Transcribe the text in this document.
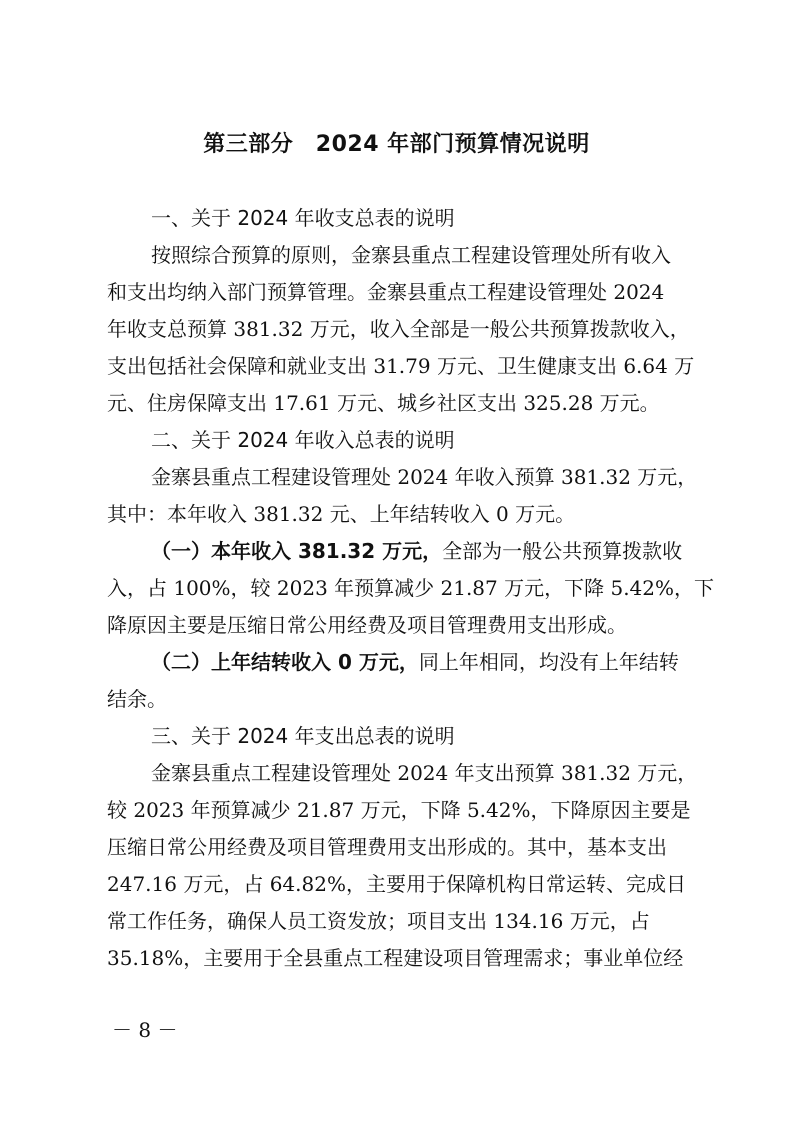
第三部分　2024 年部门预算情况说明
一、关于 2024 年收支总表的说明
按照综合预算的原则，金寨县重点工程建设管理处所有收入
和支出均纳入部门预算管理。金寨县重点工程建设管理处 2024
年收支总预算 381.32 万元，收入全部是一般公共预算拨款收入，
支出包括社会保障和就业支出 31.79 万元、卫生健康支出 6.64 万
元、住房保障支出 17.61 万元、城乡社区支出 325.28 万元。
二、关于 2024 年收入总表的说明
金寨县重点工程建设管理处 2024 年收入预算 381.32 万元，
其中：本年收入 381.32 元、上年结转收入 0 万元。
（一）本年收入 381.32 万元，全部为一般公共预算拨款收
入，占 100%，较 2023 年预算减少 21.87 万元，下降 5.42%，下
降原因主要是压缩日常公用经费及项目管理费用支出形成。
（二）上年结转收入 0 万元，同上年相同，均没有上年结转
结余。
三、关于 2024 年支出总表的说明
金寨县重点工程建设管理处 2024 年支出预算 381.32 万元，
较 2023 年预算减少 21.87 万元，下降 5.42%，下降原因主要是
压缩日常公用经费及项目管理费用支出形成的。其中，基本支出
247.16 万元，占 64.82%，主要用于保障机构日常运转、完成日
常工作任务，确保人员工资发放；项目支出 134.16 万元，占
35.18%，主要用于全县重点工程建设项目管理需求；事业单位经
－ 8 －
